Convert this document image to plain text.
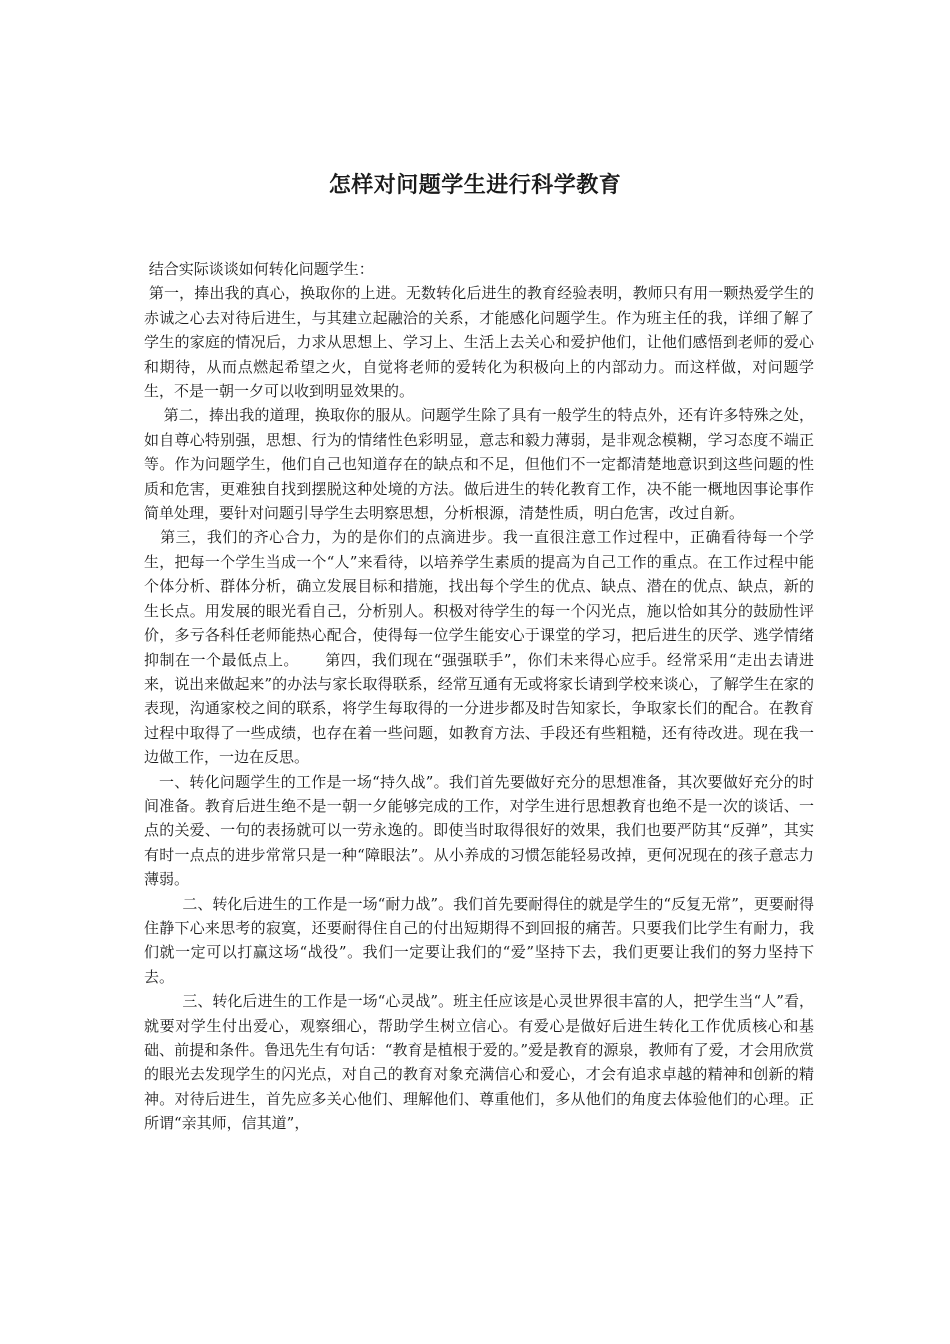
怎样对问题学生进行科学教育

结合实际谈谈如何转化问题学生：

第一，捧出我的真心，换取你的上进。无数转化后进生的教育经验表明，教师只有用一颗热爱学生的赤诚之心去对待后进生，与其建立起融洽的关系，才能感化问题学生。作为班主任的我，详细了解了学生的家庭的情况后，力求从思想上、学习上、生活上去关心和爱护他们，让他们感悟到老师的爱心和期待，从而点燃起希望之火，自觉将老师的爱转化为积极向上的内部动力。而这样做，对问题学生，不是一朝一夕可以收到明显效果的。

第二，捧出我的道理，换取你的服从。问题学生除了具有一般学生的特点外，还有许多特殊之处，如自尊心特别强，思想、行为的情绪性色彩明显，意志和毅力薄弱，是非观念模糊，学习态度不端正等。作为问题学生，他们自己也知道存在的缺点和不足，但他们不一定都清楚地意识到这些问题的性质和危害，更难独自找到摆脱这种处境的方法。做后进生的转化教育工作，决不能一概地因事论事作简单处理，要针对问题引导学生去明察思想，分析根源，清楚性质，明白危害，改过自新。

第三，我们的齐心合力，为的是你们的点滴进步。我一直很注意工作过程中，正确看待每一个学生，把每一个学生当成一个“人”来看待，以培养学生素质的提高为自己工作的重点。在工作过程中能个体分析、群体分析，确立发展目标和措施，找出每个学生的优点、缺点、潜在的优点、缺点，新的生长点。用发展的眼光看自己，分析别人。积极对待学生的每一个闪光点，施以恰如其分的鼓励性评价，多亏各科任老师能热心配合，使得每一位学生能安心于课堂的学习，把后进生的厌学、逃学情绪抑制在一个最低点上。     第四，我们现在“强强联手”，你们未来得心应手。经常采用“走出去请进来，说出来做起来”的办法与家长取得联系，经常互通有无或将家长请到学校来谈心，了解学生在家的表现，沟通家校之间的联系，将学生每取得的一分进步都及时告知家长，争取家长们的配合。在教育过程中取得了一些成绩，也存在着一些问题，如教育方法、手段还有些粗糙，还有待改进。现在我一边做工作，一边在反思。

一、转化问题学生的工作是一场“持久战”。我们首先要做好充分的思想准备，其次要做好充分的时间准备。教育后进生绝不是一朝一夕能够完成的工作，对学生进行思想教育也绝不是一次的谈话、一点的关爱、一句的表扬就可以一劳永逸的。即使当时取得很好的效果，我们也要严防其“反弹”，其实有时一点点的进步常常只是一种“障眼法”。从小养成的习惯怎能轻易改掉，更何况现在的孩子意志力薄弱。

二、转化后进生的工作是一场“耐力战”。我们首先要耐得住的就是学生的“反复无常”，更要耐得住静下心来思考的寂寞，还要耐得住自己的付出短期得不到回报的痛苦。只要我们比学生有耐力，我们就一定可以打赢这场“战役”。我们一定要让我们的“爱”坚持下去，我们更要让我们的努力坚持下去。

三、转化后进生的工作是一场“心灵战”。班主任应该是心灵世界很丰富的人，把学生当“人”看，就要对学生付出爱心，观察细心，帮助学生树立信心。有爱心是做好后进生转化工作优质核心和基础、前提和条件。鲁迅先生有句话：“教育是植根于爱的。”爱是教育的源泉，教师有了爱，才会用欣赏的眼光去发现学生的闪光点，对自己的教育对象充满信心和爱心，才会有追求卓越的精神和创新的精神。对待后进生，首先应多关心他们、理解他们、尊重他们，多从他们的角度去体验他们的心理。正所谓“亲其师，信其道”，
